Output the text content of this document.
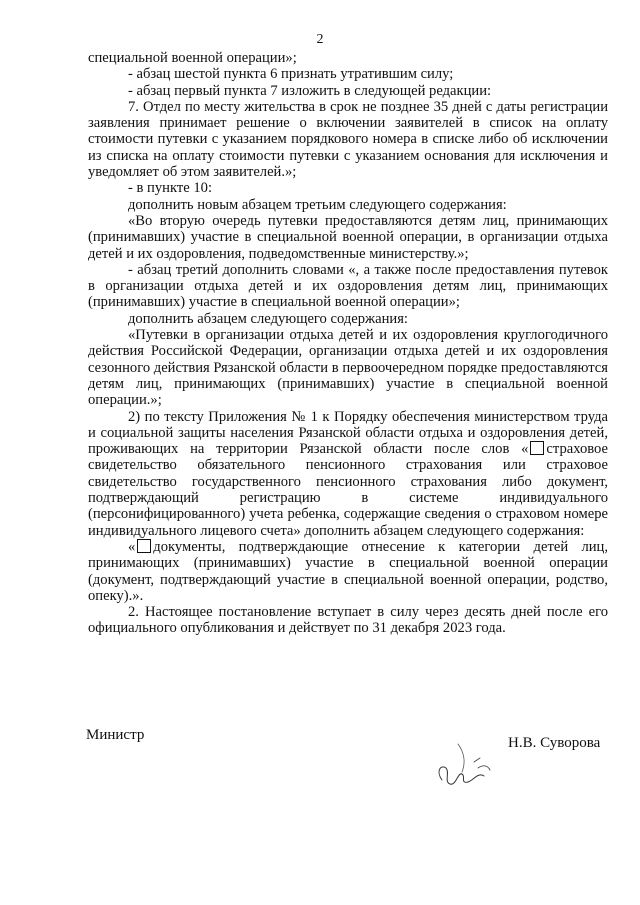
2

специальной военной операции»;

- абзац шестой пункта 6 признать утратившим силу;

- абзац первый пункта 7 изложить в следующей редакции:

7. Отдел по месту жительства в срок не позднее 35 дней с даты регистрации заявления принимает решение о включении заявителей в список на оплату стоимости путевки с указанием порядкового номера в списке либо об исключении из списка на оплату стоимости путевки с указанием основания для исключения и уведомляет об этом заявителей.»;

- в пункте 10:

дополнить новым абзацем третьим следующего содержания:

«Во вторую очередь путевки предоставляются детям лиц, принимающих (принимавших) участие в специальной военной операции, в организации отдыха детей и их оздоровления, подведомственные министерству.»;

- абзац третий дополнить словами «, а также после предоставления путевок в организации отдыха детей и их оздоровления детям лиц, принимающих (принимавших) участие в специальной военной операции»;

дополнить абзацем следующего содержания:

«Путевки в организации отдыха детей и их оздоровления круглогодичного действия Российской Федерации, организации отдыха детей и их оздоровления сезонного действия Рязанской области в первоочередном порядке предоставляются детям лиц, принимающих (принимавших) участие в специальной военной операции.»;

2) по тексту Приложения № 1 к Порядку обеспечения министерством труда и социальной защиты населения Рязанской области отдыха и оздоровления детей, проживающих на территории Рязанской области после слов « страховое свидетельство обязательного пенсионного страхования или страховое свидетельство государственного пенсионного страхования либо документ, подтверждающий регистрацию в системе индивидуального (персонифицированного) учета ребенка, содержащие сведения о страховом номере индивидуального лицевого счета» дополнить абзацем следующего содержания:

« документы, подтверждающие отнесение к категории детей лиц, принимающих (принимавших) участие в специальной военной операции (документ, подтверждающий участие в специальной военной операции, родство, опеку).».

2. Настоящее постановление вступает в силу через десять дней после его официального опубликования и действует по 31 декабря 2023 года.

Министр	Н.В. Суворова
